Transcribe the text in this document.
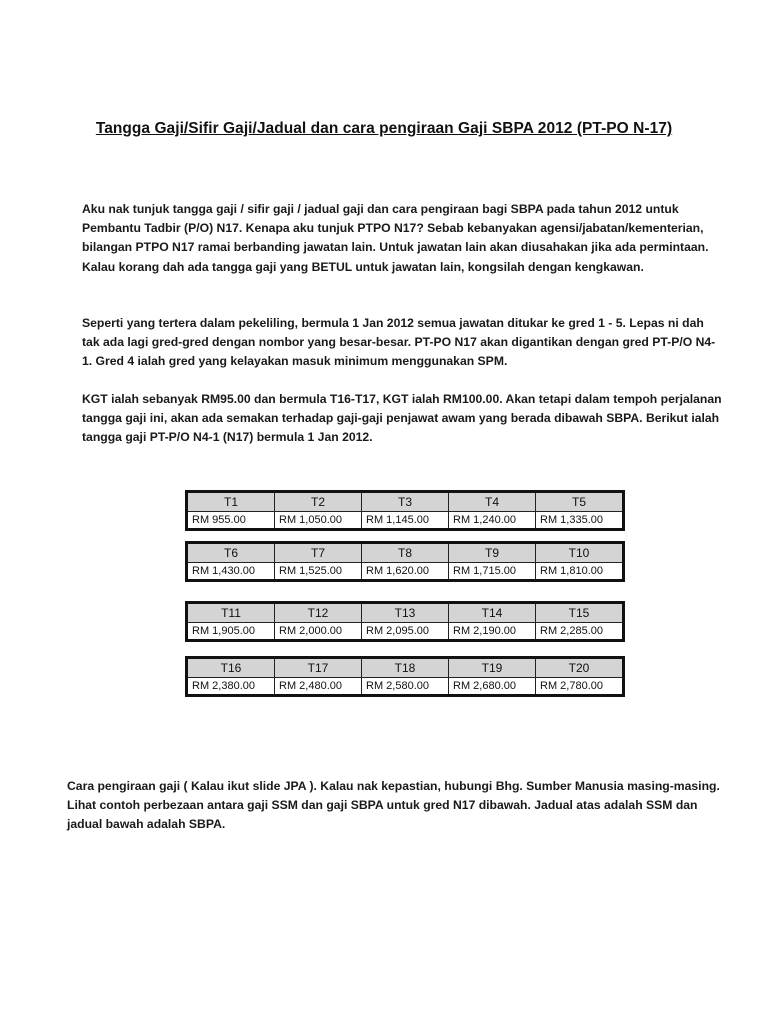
Tangga Gaji/Sifir Gaji/Jadual dan cara pengiraan Gaji SBPA 2012 (PT-PO N-17)

Aku nak tunjuk tangga gaji / sifir gaji / jadual gaji dan cara pengiraan bagi SBPA pada tahun 2012 untuk Pembantu Tadbir (P/O) N17. Kenapa aku tunjuk PTPO N17? Sebab kebanyakan agensi/jabatan/kementerian, bilangan PTPO N17 ramai berbanding jawatan lain. Untuk jawatan lain akan diusahakan jika ada permintaan. Kalau korang dah ada tangga gaji yang BETUL untuk jawatan lain, kongsilah dengan kengkawan.

Seperti yang tertera dalam pekeliling, bermula 1 Jan 2012 semua jawatan ditukar ke gred 1 - 5. Lepas ni dah tak ada lagi gred-gred dengan nombor yang besar-besar. PT-PO N17 akan digantikan dengan gred PT-P/O N4-1. Gred 4 ialah gred yang kelayakan masuk minimum menggunakan SPM.

KGT ialah sebanyak RM95.00 dan bermula T16-T17, KGT ialah RM100.00. Akan tetapi dalam tempoh perjalanan tangga gaji ini, akan ada semakan terhadap gaji-gaji penjawat awam yang berada dibawah SBPA. Berikut ialah tangga gaji PT-P/O N4-1 (N17) bermula 1 Jan 2012.

T1	T2	T3	T4	T5
RM 955.00	RM 1,050.00	RM 1,145.00	RM 1,240.00	RM 1,335.00
T6	T7	T8	T9	T10
RM 1,430.00	RM 1,525.00	RM 1,620.00	RM 1,715.00	RM 1,810.00
T11	T12	T13	T14	T15
RM 1,905.00	RM 2,000.00	RM 2,095.00	RM 2,190.00	RM 2,285.00
T16	T17	T18	T19	T20
RM 2,380.00	RM 2,480.00	RM 2,580.00	RM 2,680.00	RM 2,780.00

Cara pengiraan gaji ( Kalau ikut slide JPA ). Kalau nak kepastian, hubungi Bhg. Sumber Manusia masing-masing. Lihat contoh perbezaan antara gaji SSM dan gaji SBPA untuk gred N17 dibawah. Jadual atas adalah SSM dan jadual bawah adalah SBPA.
